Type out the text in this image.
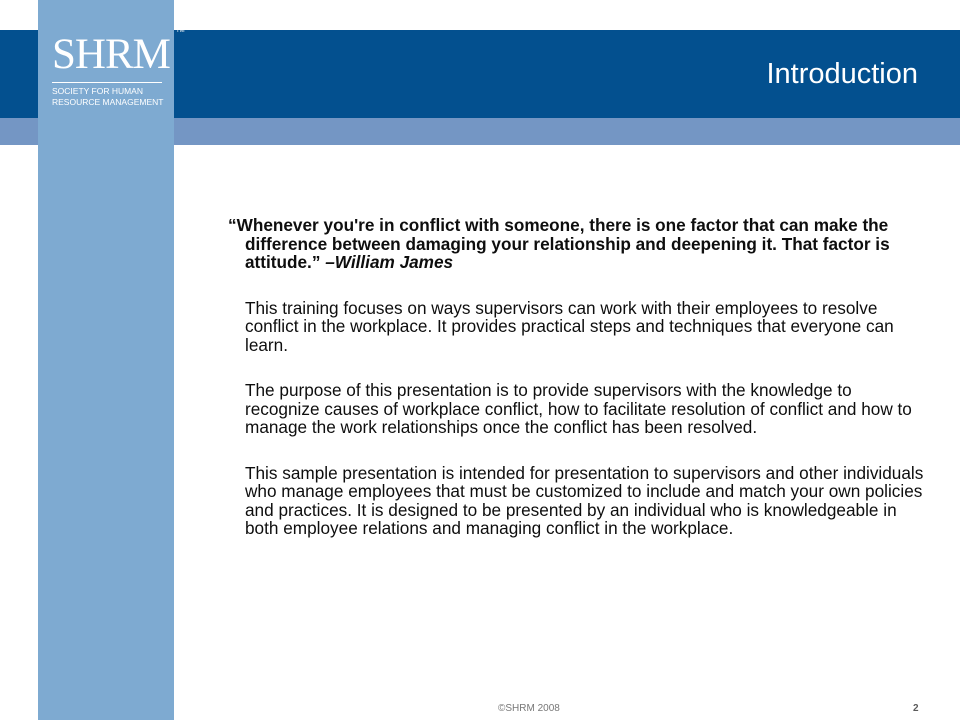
SHRM TM
SOCIETY FOR HUMAN RESOURCE MANAGEMENT
Introduction

“Whenever you're in conflict with someone, there is one factor that can make the difference between damaging your relationship and deepening it. That factor is attitude.” –William James

This training focuses on ways supervisors can work with their employees to resolve conflict in the workplace. It provides practical steps and techniques that everyone can learn.

The purpose of this presentation is to provide supervisors with the knowledge to recognize causes of workplace conflict, how to facilitate resolution of conflict and how to manage the work relationships once the conflict has been resolved.

This sample presentation is intended for presentation to supervisors and other individuals who manage employees that must be customized to include and match your own policies and practices. It is designed to be presented by an individual who is knowledgeable in both employee relations and managing conflict in the workplace.

©SHRM 2008	2
